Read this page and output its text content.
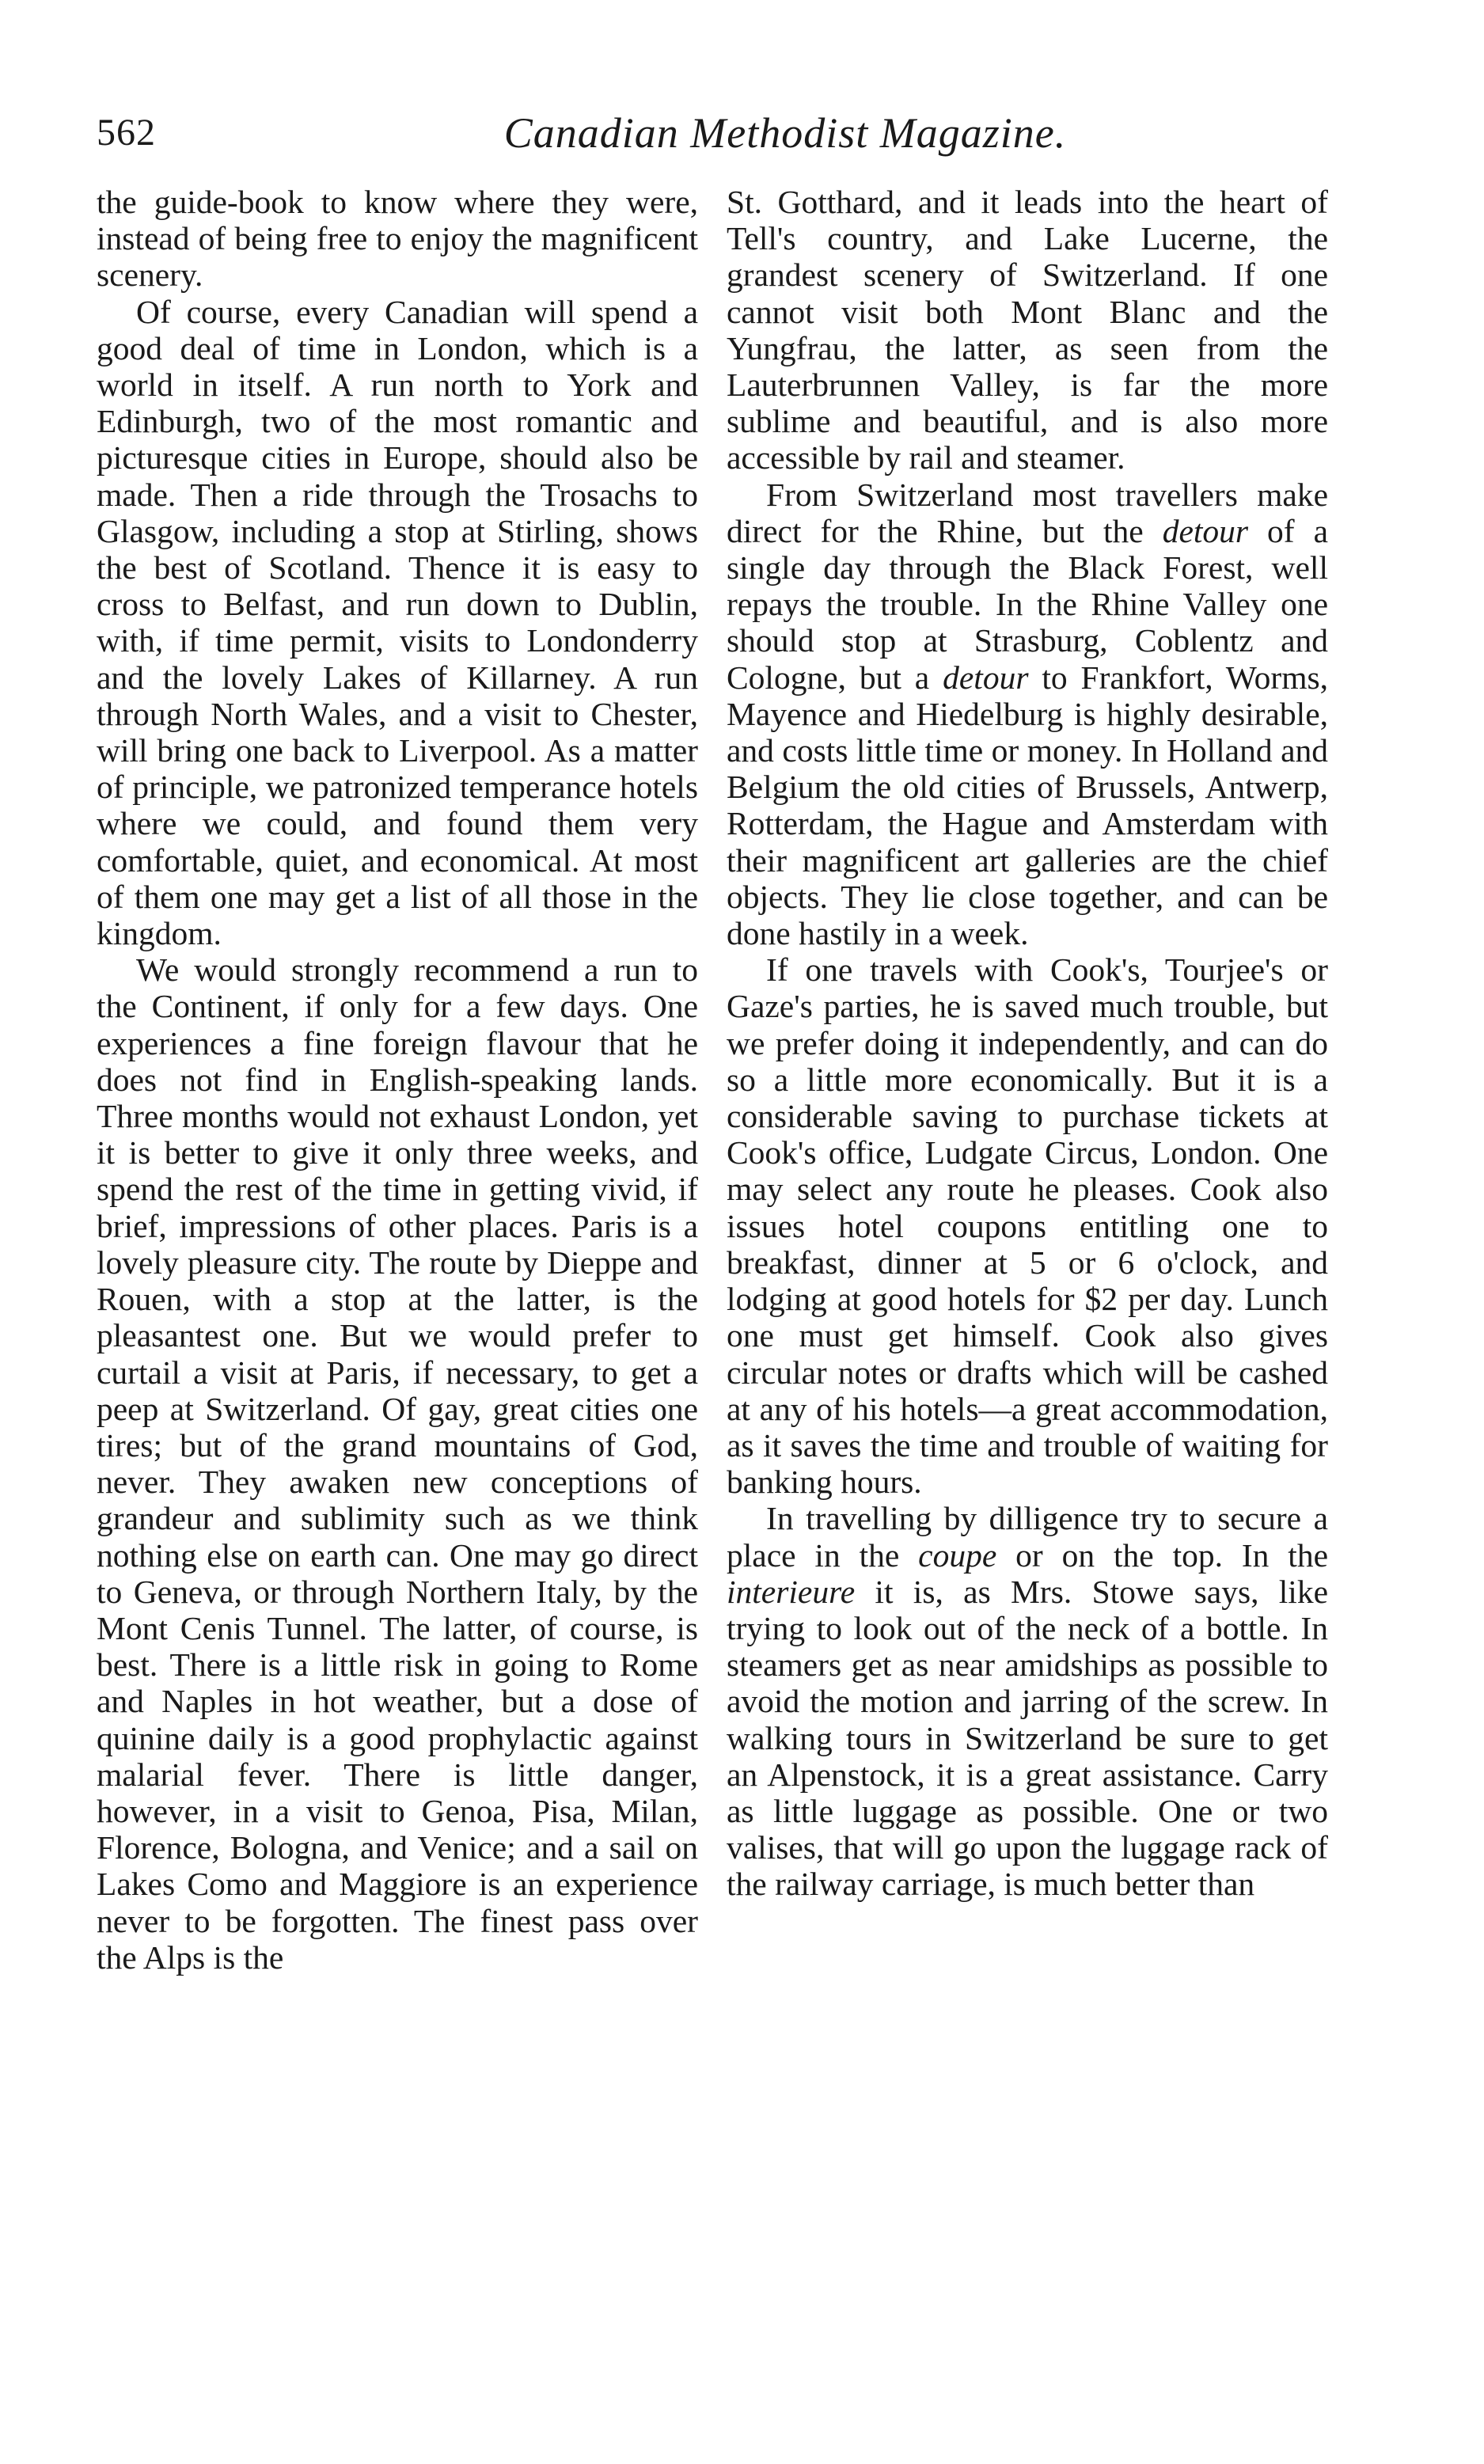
562	Canadian Methodist Magazine.

the guide-book to know where they were, instead of being free to enjoy the magnificent scenery.

Of course, every Canadian will spend a good deal of time in London, which is a world in itself. A run north to York and Edinburgh, two of the most romantic and picturesque cities in Europe, should also be made. Then a ride through the Trosachs to Glasgow, including a stop at Stirling, shows the best of Scotland. Thence it is easy to cross to Belfast, and run down to Dublin, with, if time permit, visits to Londonderry and the lovely Lakes of Killarney. A run through North Wales, and a visit to Chester, will bring one back to Liverpool. As a matter of principle, we patronized temperance hotels where we could, and found them very comfortable, quiet, and economical. At most of them one may get a list of all those in the kingdom.

We would strongly recommend a run to the Continent, if only for a few days. One experiences a fine foreign flavour that he does not find in English-speaking lands. Three months would not exhaust London, yet it is better to give it only three weeks, and spend the rest of the time in getting vivid, if brief, impressions of other places. Paris is a lovely pleasure city. The route by Dieppe and Rouen, with a stop at the latter, is the pleasantest one. But we would prefer to curtail a visit at Paris, if necessary, to get a peep at Switzerland. Of gay, great cities one tires; but of the grand mountains of God, never. They awaken new conceptions of grandeur and sublimity such as we think nothing else on earth can. One may go direct to Geneva, or through Northern Italy, by the Mont Cenis Tunnel. The latter, of course, is best. There is a little risk in going to Rome and Naples in hot weather, but a dose of quinine daily is a good prophylactic against malarial fever. There is little danger, however, in a visit to Genoa, Pisa, Milan, Florence, Bologna, and Venice; and a sail on Lakes Como and Maggiore is an experience never to be forgotten. The finest pass over the Alps is the

St. Gotthard, and it leads into the heart of Tell's country, and Lake Lucerne, the grandest scenery of Switzerland. If one cannot visit both Mont Blanc and the Yungfrau, the latter, as seen from the Lauterbrunnen Valley, is far the more sublime and beautiful, and is also more accessible by rail and steamer.

From Switzerland most travellers make direct for the Rhine, but the detour of a single day through the Black Forest, well repays the trouble. In the Rhine Valley one should stop at Strasburg, Coblentz and Cologne, but a detour to Frankfort, Worms, Mayence and Hiedelburg is highly desirable, and costs little time or money. In Holland and Belgium the old cities of Brussels, Antwerp, Rotterdam, the Hague and Amsterdam with their magnificent art galleries are the chief objects. They lie close together, and can be done hastily in a week.

If one travels with Cook's, Tourjee's or Gaze's parties, he is saved much trouble, but we prefer doing it independently, and can do so a little more economically. But it is a considerable saving to purchase tickets at Cook's office, Ludgate Circus, London. One may select any route he pleases. Cook also issues hotel coupons entitling one to breakfast, dinner at 5 or 6 o'clock, and lodging at good hotels for $2 per day. Lunch one must get himself. Cook also gives circular notes or drafts which will be cashed at any of his hotels—a great accommodation, as it saves the time and trouble of waiting for banking hours.

In travelling by dilligence try to secure a place in the coupe or on the top. In the interieure it is, as Mrs. Stowe says, like trying to look out of the neck of a bottle. In steamers get as near amidships as possible to avoid the motion and jarring of the screw. In walking tours in Switzerland be sure to get an Alpenstock, it is a great assistance. Carry as little luggage as possible. One or two valises, that will go upon the luggage rack of the railway carriage, is much better than
